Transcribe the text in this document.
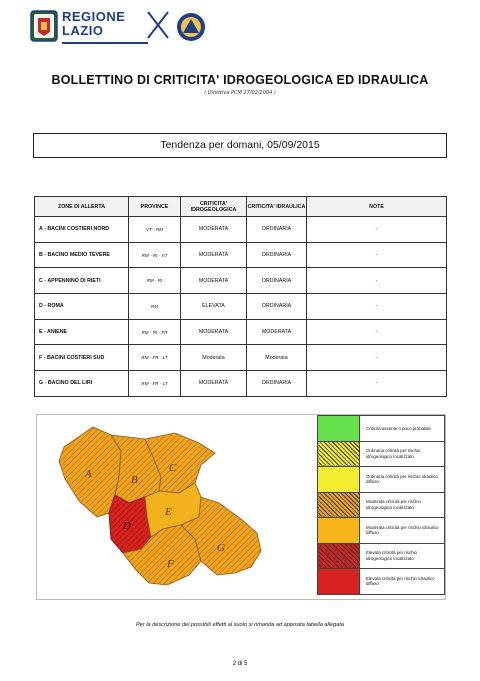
REGIONE
LAZIO
BOLLETTINO DI CRITICITA' IDROGEOLOGICA ED IDRAULICA
( Direttiva PCM 27/02/2004 )
Tendenza per domani, 05/09/2015
ZONE DI ALLERTA	PROVINCE	CRITICITA' IDROGEOLOGICA	CRITICITA' IDRAULICA	NOTE
A - BACINI COSTIERI NORD	VT - RM	MODERATA	ORDINARIA	-
B - BACINO MEDIO TEVERE	RM - RI - VT	MODERATA	ORDINARIA	-
C - APPENNINO DI RIETI	RM - RI	MODERATA	ORDINARIA	-
D - ROMA	RM	ELEVATA	ORDINARIA	-
E - ANIENE	RM - RI - FR	MODERATA	MODERATA	-
F - BACINI COSTIERI SUD	RM - FR - LT	Moderata	Moderata	-
G - BACINO DEL LIRI	RM - FR - LT	MODERATA	ORDINARIA	-
A	B
C
D
E
F
G
	Criticità assente o poco probabile
	Ordinaria criticità per rischio idrogeologico localizzato
	Ordinaria criticità per rischio idraulico diffuso
	Moderata criticità per rischio idrogeologico localizzato
	Moderata criticità per rischio idraulico diffuso
	Elevata criticità per rischio idrogeologico localizzato
	Elevata criticità per rischio idraulico diffuso
Per la descrizione dei possibili effetti al suolo si rimanda ad apposita tabella allegata
2 di 5
